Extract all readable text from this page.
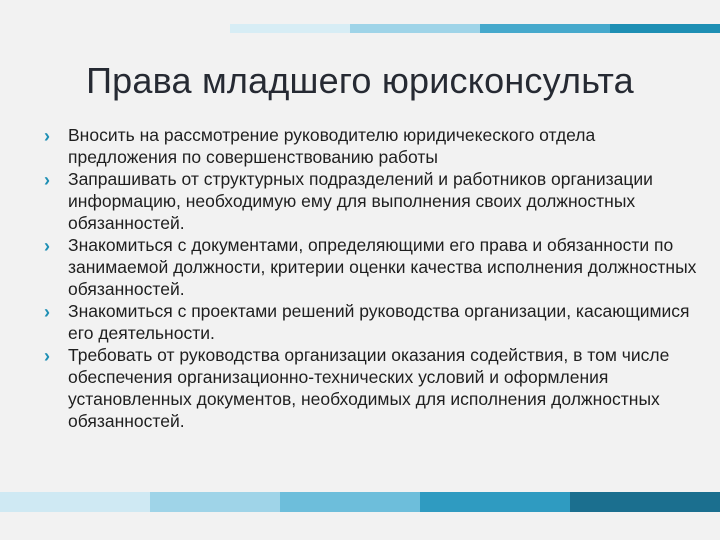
Права младшего юрисконсульта
› Вносить на рассмотрение руководителю юридичекеского отдела предложения по совершенствованию работы
› Запрашивать от структурных подразделений и работников организации информацию, необходимую ему для выполнения своих должностных обязанностей.
› Знакомиться с документами, определяющими его права и обязанности по занимаемой должности, критерии оценки качества исполнения должностных обязанностей.
› Знакомиться с проектами решений руководства организации, касающимися его деятельности.
› Требовать от руководства организации оказания содействия, в том числе обеспечения организационно-технических условий и оформления установленных документов, необходимых для исполнения должностных обязанностей.
